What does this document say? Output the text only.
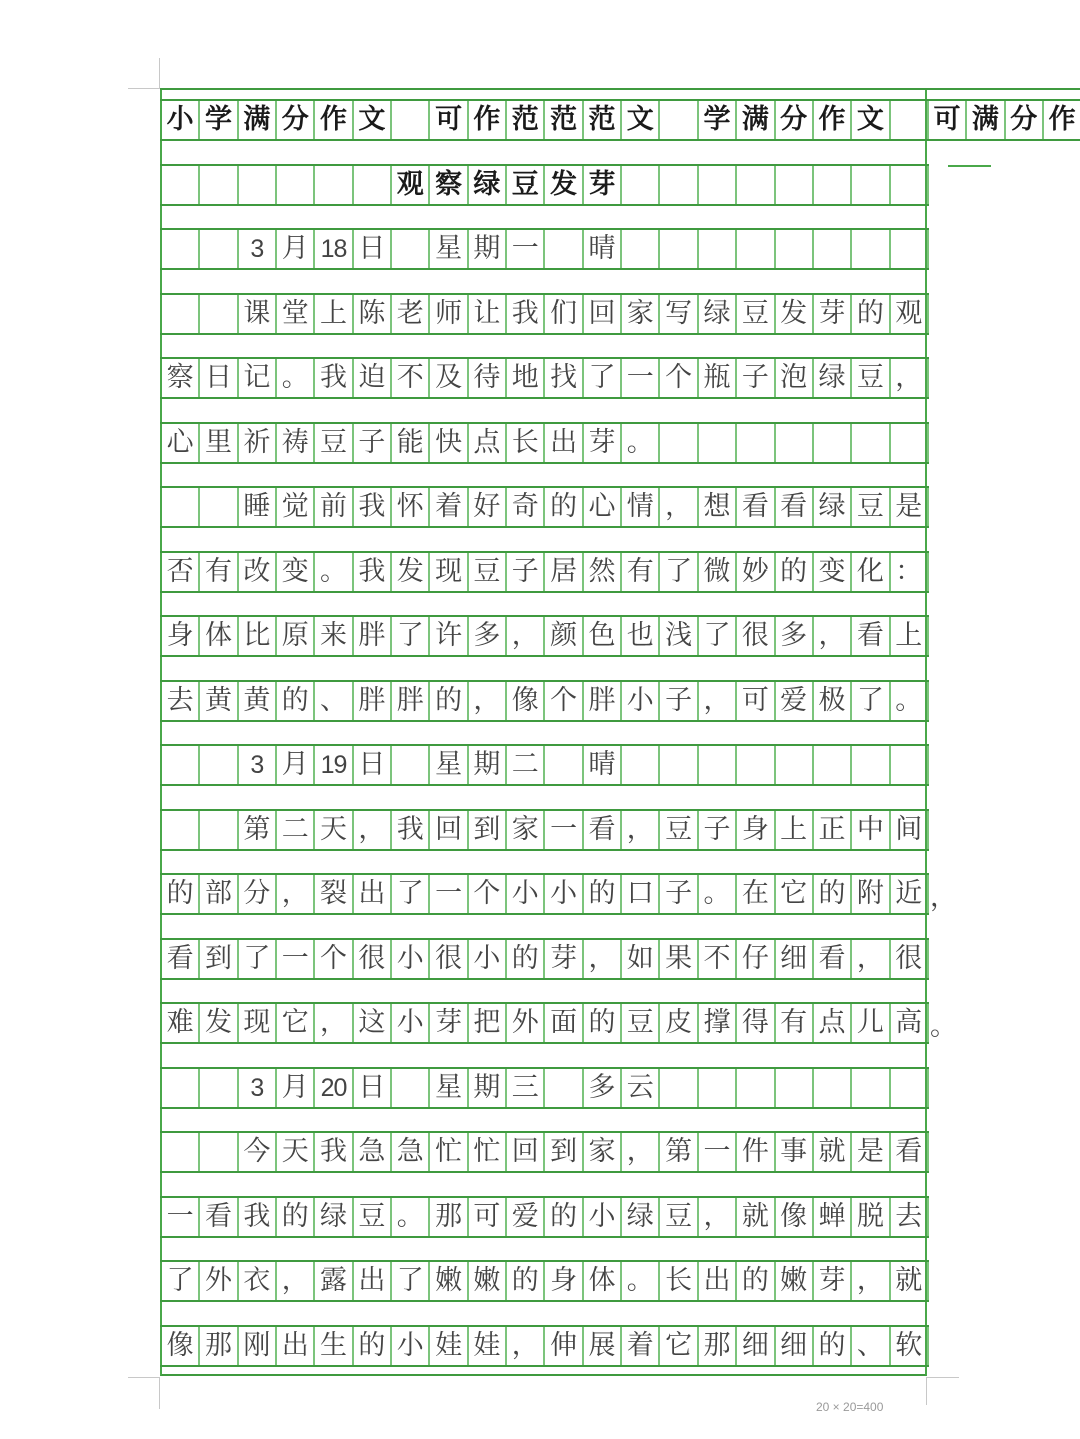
小 学 满 分 作 文 可 作 范 范 范 文 学 满 分 作 文 可 满 分 作
观 察 绿 豆 发 芽
3 月 18 日 星 期 一 晴
课 堂 上 陈 老 师 让 我 们 回 家 写 绿 豆 发 芽 的 观
察 日 记 。 我 迫 不 及 待 地 找 了 一 个 瓶 子 泡 绿 豆 ，
心 里 祈 祷 豆 子 能 快 点 长 出 芽 。
睡 觉 前 我 怀 着 好 奇 的 心 情 ， 想 看 看 绿 豆 是
否 有 改 变 。 我 发 现 豆 子 居 然 有 了 微 妙 的 变 化 ：
身 体 比 原 来 胖 了 许 多 ， 颜 色 也 浅 了 很 多 ， 看 上
去 黄 黄 的 、 胖 胖 的 ， 像 个 胖 小 子 ， 可 爱 极 了 。
3 月 19 日 星 期 二 晴
第 二 天 ， 我 回 到 家 一 看 ， 豆 子 身 上 正 中 间
的 部 分 ， 裂 出 了 一 个 小 小 的 口 子 。 在 它 的 附 近
看 到 了 一 个 很 小 很 小 的 芽 ， 如 果 不 仔 细 看 ， 很
难 发 现 它 ， 这 小 芽 把 外 面 的 豆 皮 撑 得 有 点 儿 高
3 月 20 日 星 期 三 多 云
今 天 我 急 急 忙 忙 回 到 家 ， 第 一 件 事 就 是 看
一 看 我 的 绿 豆 。 那 可 爱 的 小 绿 豆 ， 就 像 蝉 脱 去
了 外 衣 ， 露 出 了 嫩 嫩 的 身 体 。 长 出 的 嫩 芽 ， 就
像 那 刚 出 生 的 小 娃 娃 ， 伸 展 着 它 那 细 细 的 、 软
，
。
20 × 20=400
